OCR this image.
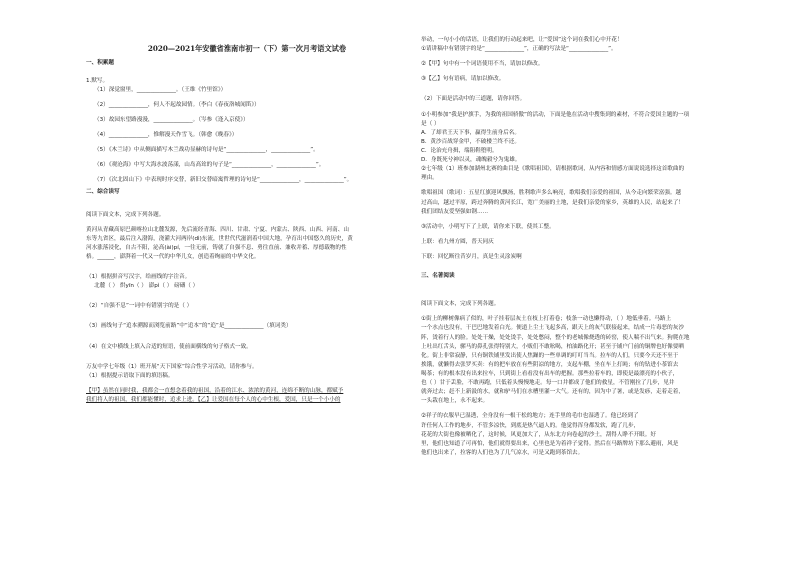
2020—2021年安徽省淮南市初一（下）第一次月考语文试卷
一、积累题
1.默写。
（1）深觉窗里，______________。（王维《竹里馆》）
（2）______________，何人不起故园情。（李白《春夜洛城闻笛》）
（3）故园东望路漫漫，______________。（岑参《逢入京使》）
（4）______________，惟解漫天作雪飞。（韩愈《晚春》）
（5）《木兰诗》中从侧面描写木兰战功显赫的诗句是“______________，______________”。
（6）《观沧海》中写大海水波荡漾，山岛高耸的句子是“______________，______________”。
（7）《次北固山下》中表现时序交替，新旧交替暗寓哲理的诗句是“______________，______________”。
二、综合读写
阅读下面文本，完成下列各题。
黄河从青藏高原巴颜喀拉山北麓发源，先后流经青海、四川、甘肃、宁夏、内蒙古、陕西、山西、河南、山
东等九省区，最后注入渤海，浇灌大河两岸(dì)东流，世世代代滋润着中国大地，孕育出中国悠久的历史，黄
河水涨落浸化，自古不阳，泌高(ài)pí，一往无前，铸就了自强不息、勇往直前、兼收并蓄、厚德载物的性
格。______，澎湃着一代又一代的中华儿女，创造着绚丽的中华文化。
（1）根据拼音写汉字，给画线的字注音。
北麓（ ） 烘yīn（ ） 澎pì（ ） 磅礴（ ）
（2）“自强不息”一词中有错别字的是（ ）
（3）画线句子“追本溯源而浏览前路”中“追本”的“追”是______________（填词类）
（4）在文中横线上填入合适的短语，使前面横线的句子格式一致。
万友中学七年级（1）班开展“天下国家”综合性学习活动，请你参与。
（1）根据提示语取下面的填语稿。
【甲】虽然在同时我，我都会一直想念着我的祖国，沿着的江水、浓浓的黄河，连绵不断的山脉，都赋予
我们将人的祖国，我们都能懂时，追求上进。【乙】让爱国在每个人的心中生根，爱国，只是一个小小的
举动，一句小小的话语，让我们的行动起来吧，让“爱国”这个词在我们心中开花！
①请讲稿中有错别字的是“______________”，正确的写法是“______________”。
②【甲】句中有一个词语使用不当，请加以修改。
③【乙】句有语病，请加以修改。
（2）下面是活动中的三道题，请你回答。
①小明参加“我是护旗手，为我的祖国骄傲”的活动，下面是他在活动中搜集到的素材，不符合爱国主题的一项
是（ ）
A．了却君王天下事，赢得生前身后名。
B．黄沙百战穿金甲，不破楼兰终不还。
C．论治充舟揖，端阻鞋堕明。
D．身既死兮神以灵，魂魄毅兮为鬼雄。
②七年级（1）班参加湖州北赛的曲目是《歌唱祖国》，请根据歌词，从内容和情感方面说说选择这首歌曲的
理由。
歌唱祖国（歌词）：五星红旗迎风飘扬，胜利歌声多么响亮，歌唱我们亲爱的祖国，从今走向繁荣富强。越
过高山，越过平原，跨过奔腾的黄河长江，宽广美丽的土地，是我们亲爱的家乡，英雄的人民，站起来了！
我们团结友爱坚强如钢……
③活动中，小明写下了上联，请你来下联，使其工整。
上联：看九州方圆，普天同庆
下联：回忆断往昔岁月，真是生灵涂炭啊
三、名著阅读
阅读下面文本，完成下列各题。
①街上的柳树像病了似的，叶子挂着层灰土在枝上打着卷；枝条一动也懒得动，（ ）地低垂着。马路上
一个水点也没有，干巴巴地发着白光。便道上尘土飞起多高，跟天上的灰气联接起来，结成一片毒恶的灰沙
阵，烫着行人的脸。处处干燥，处处烫手，处处憋闷，整个的老城像烧透的砖窑，使人喘不出气来。狗爬在地
上吐出红舌头，骡马的鼻孔张得特别大，小贩们不敢吆喝，柏油路化开；甚至于铺户门前的铜牌也好像要晒
化。街上非常寂静，只有铜铁铺里发出使人焦躁的一些单调的叮叮当当。拉车的人们，只要今天还不至于
挨饿，就懒得去张罗买卖：有的把车放在有些阴凉的地方，支起车棚，坐在车上打盹；有的钻进小茶馆去
喝茶；有的根本没有出来拉车，只到街上看看没有出车的把握。那些拉着车的，即使是最漂亮的小伙子，
也（ ）甘于丢脸，不敢再跑，只低着头慢慢地走。每一口井都成了他们的救星，不管刚拉了几步，见井
就奔过去；赶不上新汲的水，就和驴马们在水槽里灌一大气。还有的，因为中了暑，或是发痧，走着走着，
一头栽在地上，永不起来。
②祥子的衣服早已湿透，全身没有一根干松的地方；连手里的毛巾也湿透了。他已经到了
许任何人工作的地步，不管多凉快，到底是热气逼人的。他觉得浑身都发软，跑了几步，
花花的大街也像被晒化了，这时候，风更加大了，从东北方向卷起的沙土，刮得人睁不开眼。好
里，他们也知道了可再怕，他们就得要出来，心里也是为着祥子觉得。然后在马路牌坊下那么避雨，风是
他们也出来了，拉客的人们也为了几气凉水，可是又跑到茶馆去。
